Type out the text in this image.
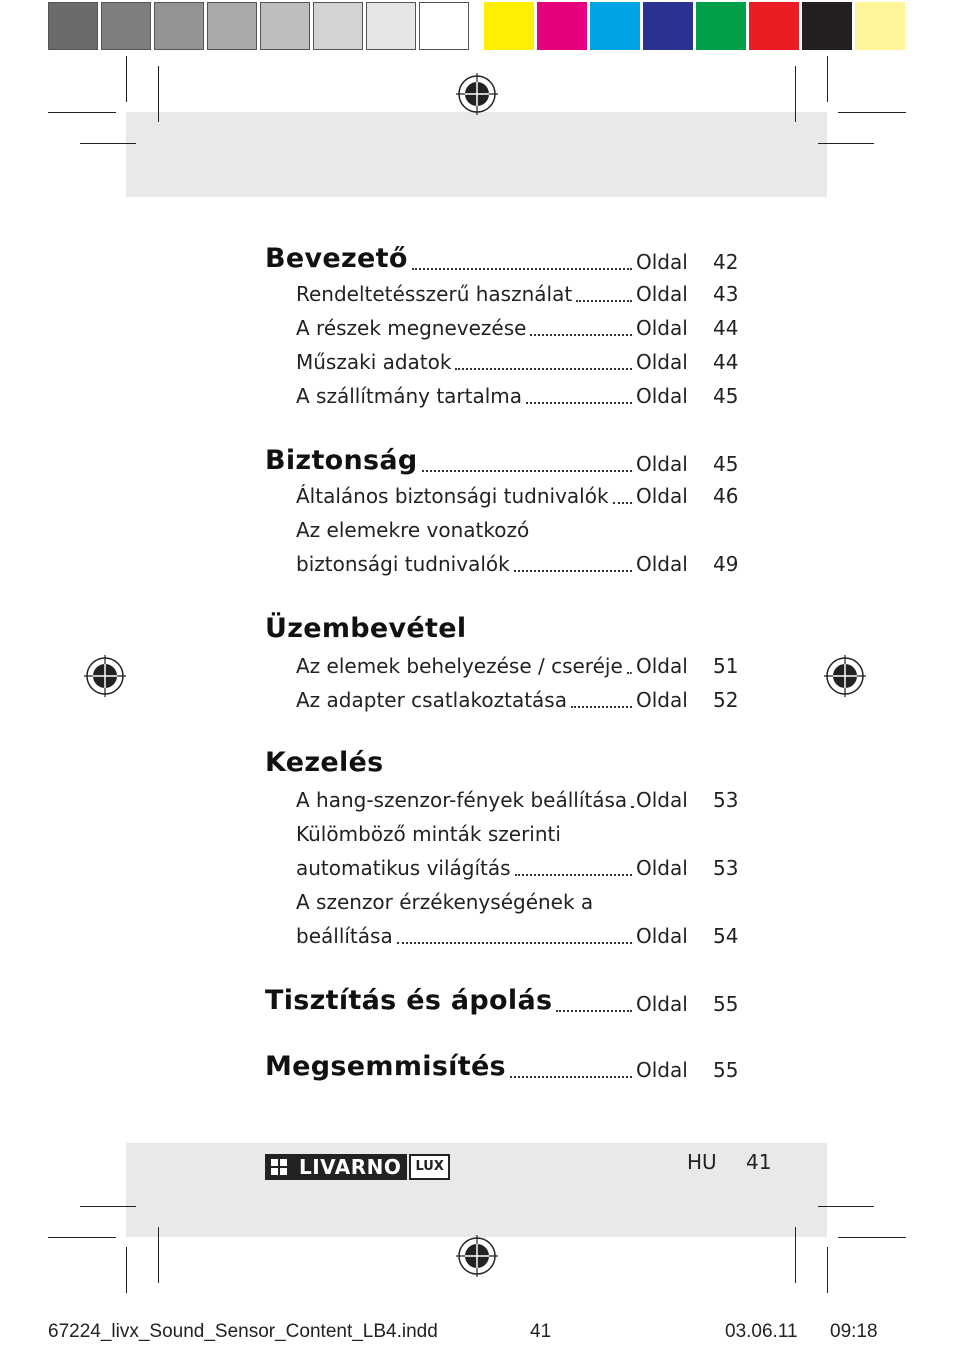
Bevezető	Oldal 42
Rendeltetésszerű használat	Oldal 43
A részek megnevezése	Oldal 44
Műszaki adatok	Oldal 44
A szállítmány tartalma	Oldal 45
Biztonság	Oldal 45
Általános biztonsági tudnivalók Oldal 46
Az elemekre vonatkozó
biztonsági tudnivalók	Oldal 49
Üzembevétel
Az elemek behelyezése / cseréje Oldal 51
Az adapter csatlakoztatása	Oldal 52
Kezelés
A hang-szenzor-fények beállítása Oldal 53
Külömböző minták szerinti
automatikus világítás	Oldal 53
A szenzor érzékenységének a
beállítása	Oldal 54
Tisztítás és ápolás	Oldal 55
Megsemmisítés	Oldal 55
LIVARNO	LUX	HU 41
67224_livx_Sound_Sensor_Content_LB4.indd	41	03.06.11 09:18
